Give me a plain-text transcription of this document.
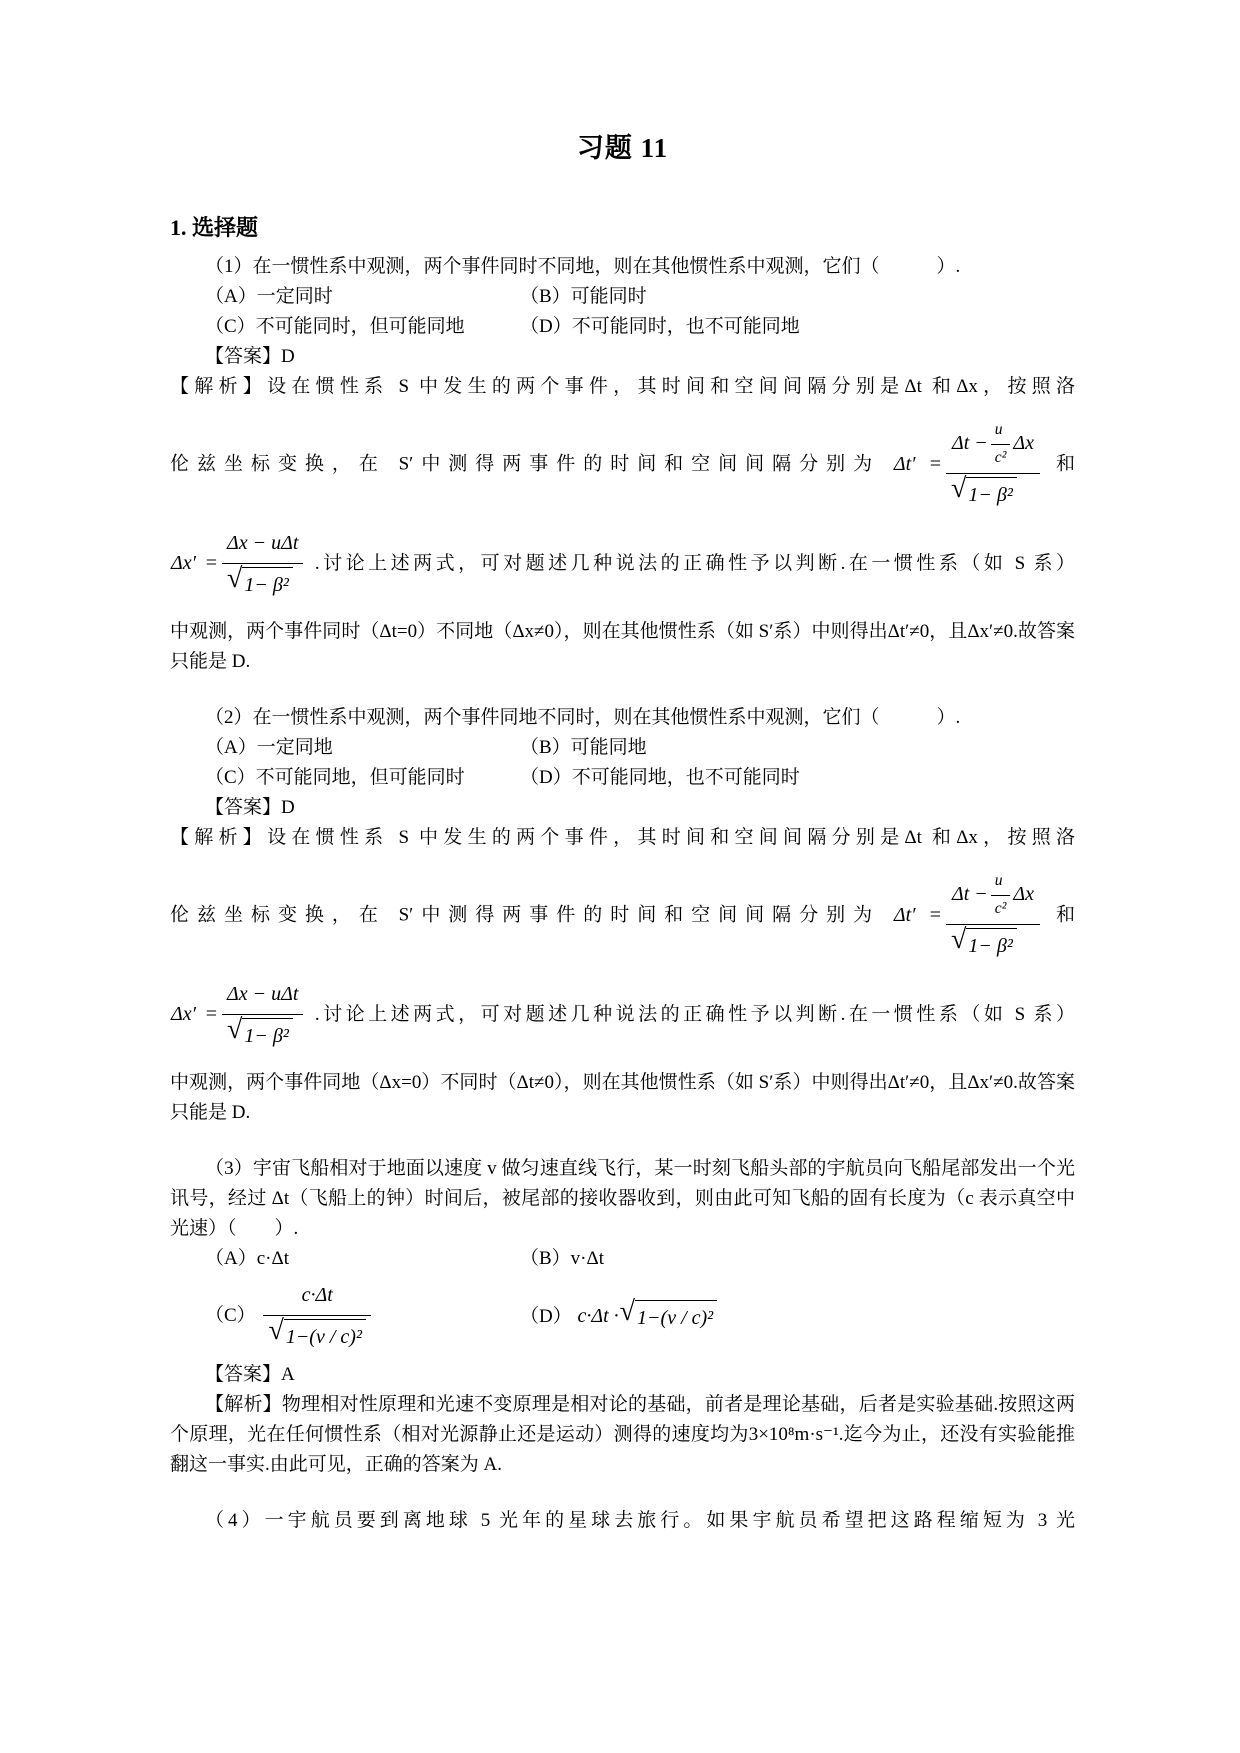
习题 11
1. 选择题

（1）在一惯性系中观测，两个事件同时不同地，则在其他惯性系中观测，它们（　　　）.

（A）一定同时	（B）可能同时
（C）不可能同时，但可能同地	（D）不可能同时，也不可能同地

【答案】D

【解析】设在惯性系 S 中发生的两个事件，其时间和空间间隔分别是Δt 和Δx，按照洛

伦兹坐标变换，在 S′中测得两事件的时间和空间间隔分别为 $\Delta t' = \frac{\Delta t - \frac{u}{\text{c²}} \Delta x}{\text{√ 1− β²}}$ 和
$\Delta x' = \frac{\text{Δx − uΔt}}{\text{√ 1− β²}}$ .讨论上述两式，可对题述几种说法的正确性予以判断.在一惯性系（如 S 系）

中观测，两个事件同时（Δt=0）不同地（Δx≠0），则在其他惯性系（如 S′系）中则得出Δt′≠0，且Δx′≠0.故答案只能是 D.

（2）在一惯性系中观测，两个事件同地不同时，则在其他惯性系中观测，它们（　　　）.

（A）一定同地	（B）可能同地
（C）不可能同地，但可能同时	（D）不可能同地，也不可能同时

【答案】D

【解析】设在惯性系 S 中发生的两个事件，其时间和空间间隔分别是Δt 和Δx，按照洛

伦兹坐标变换，在 S′中测得两事件的时间和空间间隔分别为 $\Delta t' = \frac{\Delta t - \frac{u}{\text{c²}} \Delta x}{\text{√ 1− β²}}$ 和
$\Delta x' = \frac{\text{Δx − uΔt}}{\text{√ 1− β²}}$ .讨论上述两式，可对题述几种说法的正确性予以判断.在一惯性系（如 S 系）

中观测，两个事件同地（Δx=0）不同时（Δt≠0），则在其他惯性系（如 S′系）中则得出Δt′≠0，且Δx′≠0.故答案只能是 D.

（3）宇宙飞船相对于地面以速度 v 做匀速直线飞行，某一时刻飞船头部的宇航员向飞船尾部发出一个光讯号，经过 Δt（飞船上的钟）时间后，被尾部的接收器收到，则由此可知飞船的固有长度为（c 表示真空中光速）（　　）.

（A）c·Δt	（B）v·Δt
$(C) \frac{c\cdot\Delta t}{\text{√ 1−(v / c)²}}$	（D） c·Δt · √ 1−(v / c)²

【答案】A

【解析】物理相对性原理和光速不变原理是相对论的基础，前者是理论基础，后者是实验基础.按照这两个原理，光在任何惯性系（相对光源静止还是运动）测得的速度均为3×10⁸m·s⁻¹.迄今为止，还没有实验能推翻这一事实.由此可见，正确的答案为 A.

（4）一宇航员要到离地球 5 光年的星球去旅行。如果宇航员希望把这路程缩短为 3 光
